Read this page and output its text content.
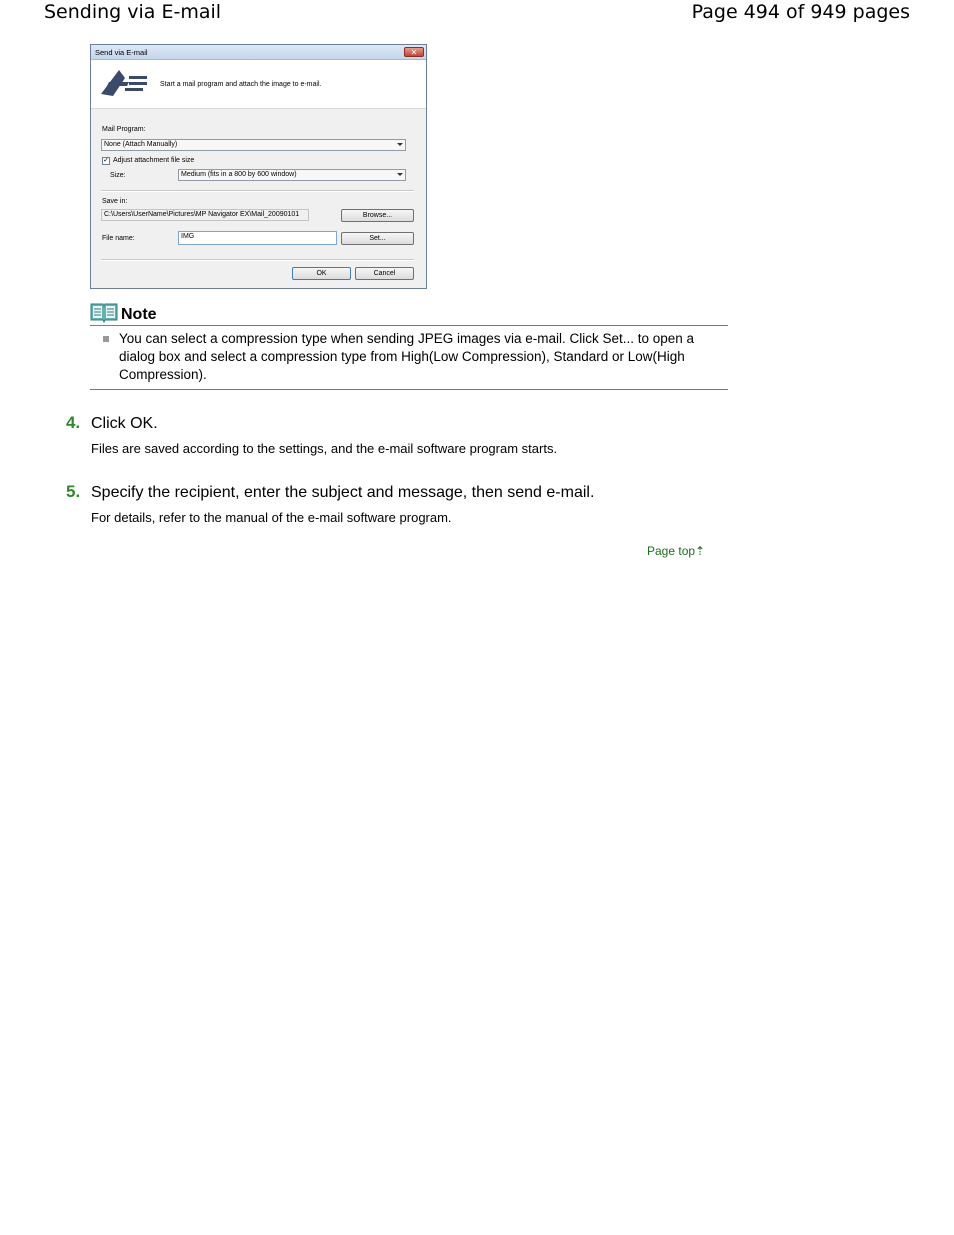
Sending via E-mail	Page 494 of 949 pages
Send via E-mail	✕
Start a mail program and attach the image to e-mail.
Mail Program:
None (Attach Manually)
✓ Adjust attachment file size
Size:	Medium (fits in a 800 by 600 window)
Save in:
C:\Users\UserName\Pictures\MP Navigator EX\Mail_20090101	Browse...
File name:	IMG	Set...
OK	Cancel
Note
You can select a compression type when sending JPEG images via e-mail. Click Set... to open a dialog box and select a compression type from High(Low Compression), Standard or Low(High Compression).
4. Click OK.
Files are saved according to the settings, and the e-mail software program starts.
5. Specify the recipient, enter the subject and message, then send e-mail.
For details, refer to the manual of the e-mail software program.
Page top⇡
